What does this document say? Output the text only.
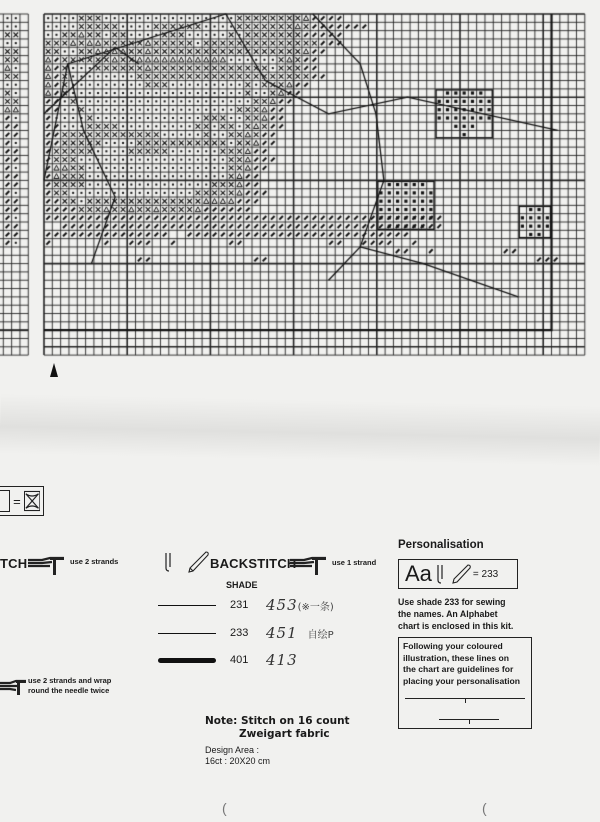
=
TCH	use 2 strands
use 2 strands and wrap
round the needle twice
BACKSTITCH	use 1 strand
SHADE
231	453 (※一条)
233	451 自绘P
401	413
Personalisation
Aa	= 233
Use shade 233 for sewing
the names. An Alphabet
chart is enclosed in this kit.
Following your coloured
illustration, these lines on
the chart are guidelines for
placing your personalisation
Note: Stitch on 16 count
Zweigart fabric
Design Area :
16ct : 20X20 cm
(	(
